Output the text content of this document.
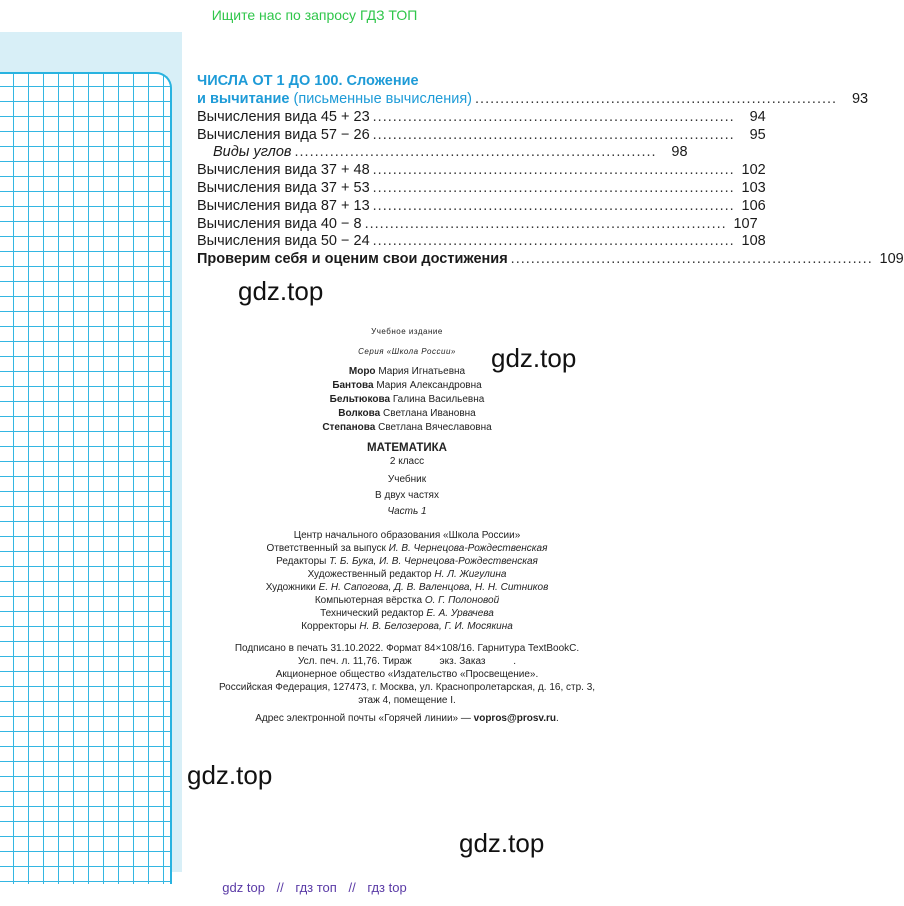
Ищите нас по запросу ГДЗ ТОП
ЧИСЛА ОТ 1 ДО 100. Сложение
и вычитание (письменные вычисления) ........................................................................	93
Вычисления вида 45 + 23 ........................................................................	94
Вычисления вида 57 − 26 ........................................................................	95
Виды углов ........................................................................	98
Вычисления вида 37 + 48 ........................................................................ 102
Вычисления вида 37 + 53 ........................................................................ 103
Вычисления вида 87 + 13 ........................................................................ 106
Вычисления вида 40 − 8 ........................................................................ 107
Вычисления вида 50 − 24 ........................................................................ 108
Проверим себя и оценим свои достижения ........................................................................ 109
gdz.top
gdz.top
gdz.top
gdz.top
Учебное издание
Серия «Школа России»
Моро Мария Игнатьевна
Бантова Мария Александровна
Бельтюкова Галина Васильевна
Волкова Светлана Ивановна
Степанова Светлана Вячеславовна
МАТЕМАТИКА
2 класс
Учебник
В двух частях
Часть 1
Центр начального образования «Школа России»
Ответственный за выпуск И. В. Чернецова-Рождественская
Редакторы Т. Б. Бука, И. В. Чернецова-Рождественская
Художественный редактор Н. Л. Жигулина
Художники Е. Н. Сапогова, Д. В. Валенцова, Н. Н. Ситников
Компьютерная вёрстка О. Г. Полоновой
Технический редактор Е. А. Урвачева
Корректоры Н. В. Белозерова, Г. И. Мосякина
Подписано в печать 31.10.2022. Формат 84×108/16. Гарнитура TextBookC.
Усл. печ. л. 11,76. Тираж          экз. Заказ          .
Акционерное общество «Издательство «Просвещение».
Российская Федерация, 127473, г. Москва, ул. Краснопролетарская, д. 16, стр. 3,
этаж 4, помещение I.
Адрес электронной почты «Горячей линии» — vopros@prosv.ru.
gdz top // гдз топ // гдз top
